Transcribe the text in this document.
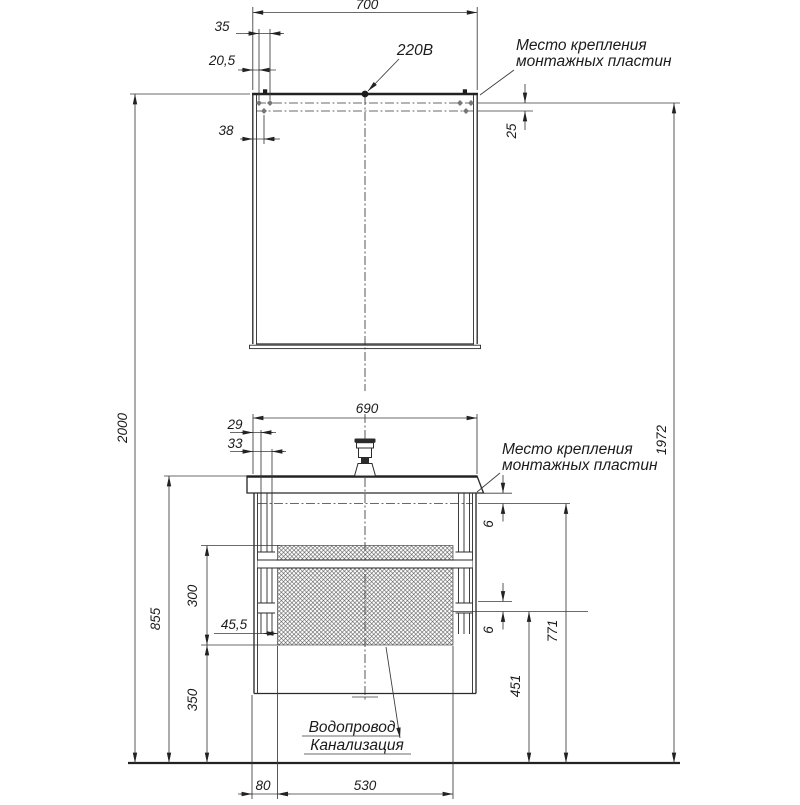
700
35
20,5
38
220В	Место крепления
монтажных пластин
25
2000
855
300
350
45,5
690
29
33	Место крепления
монтажных пластин
1972
6
771
6
451
Водопровод
Канализация
80	530
